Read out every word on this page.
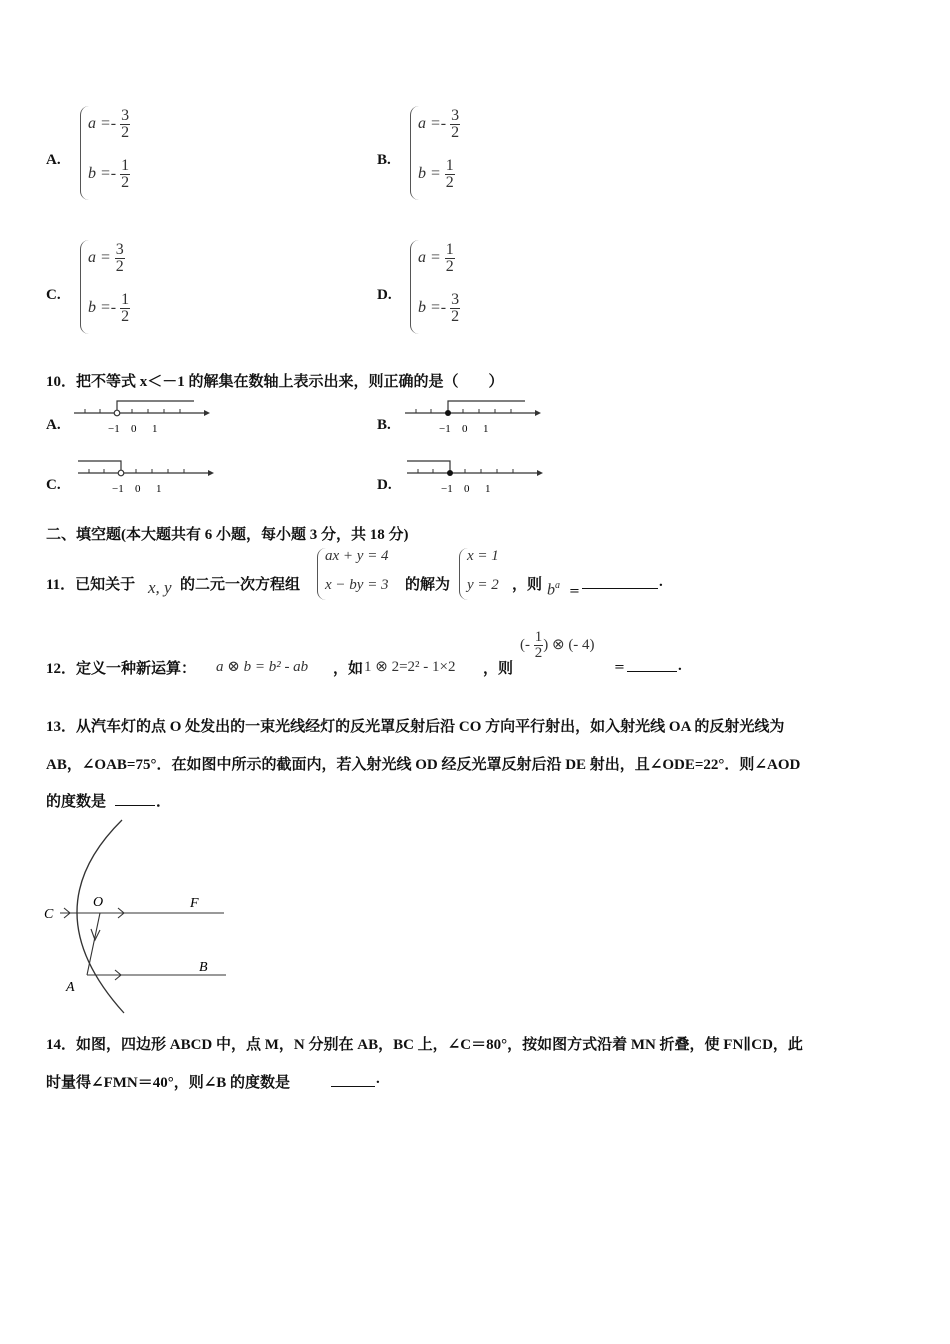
A.
$a =- \frac{3}{2}$
$b =- \frac{1}{2}$	B.
$a =- \frac{3}{2}$
$b = \frac{1}{2}$
C.
$a = \frac{3}{2}$
$b =- \frac{1}{2}$	D.
$a = \frac{1}{2}$
$b =- \frac{3}{2}$
10．把不等式 x＜－1 的解集在数轴上表示出来，则正确的是（　　）
A.	B.
C.	D.
−1 0 1	−1 0 1
−1 0 1	−1 0 1
二、填空题(本大题共有 6 小题，每小题 3 分，共 18 分)
11．已知关于 x, y 的二元一次方程组
ax + y = 4
x − by = 3 的解为
x = 1
y = 2 ，则 $b^a$ =
.
12．定义一种新运算： a ⊗ b = b² - ab ，如 1 ⊗ 2=2² - 1×2 ，则
(- $\frac{1}{2}$ ) ⊗ (- 4)
=	.
13．从汽车灯的点 O 处发出的一束光线经灯的反光罩反射后沿 CO 方向平行射出，如入射光线 OA 的反射光线为
AB，∠OAB=75°．在如图中所示的截面内，若入射光线 OD 经反光罩反射后沿 DE 射出，且∠ODE=22°．则∠AOD
的度数是	．
C
O	F
B
A
14．如图，四边形 ABCD 中，点 M，N 分别在 AB，BC 上，∠C＝80°，按如图方式沿着 MN 折叠，使 FN∥CD，此
时量得∠FMN＝40°，则∠B 的度数是	.
